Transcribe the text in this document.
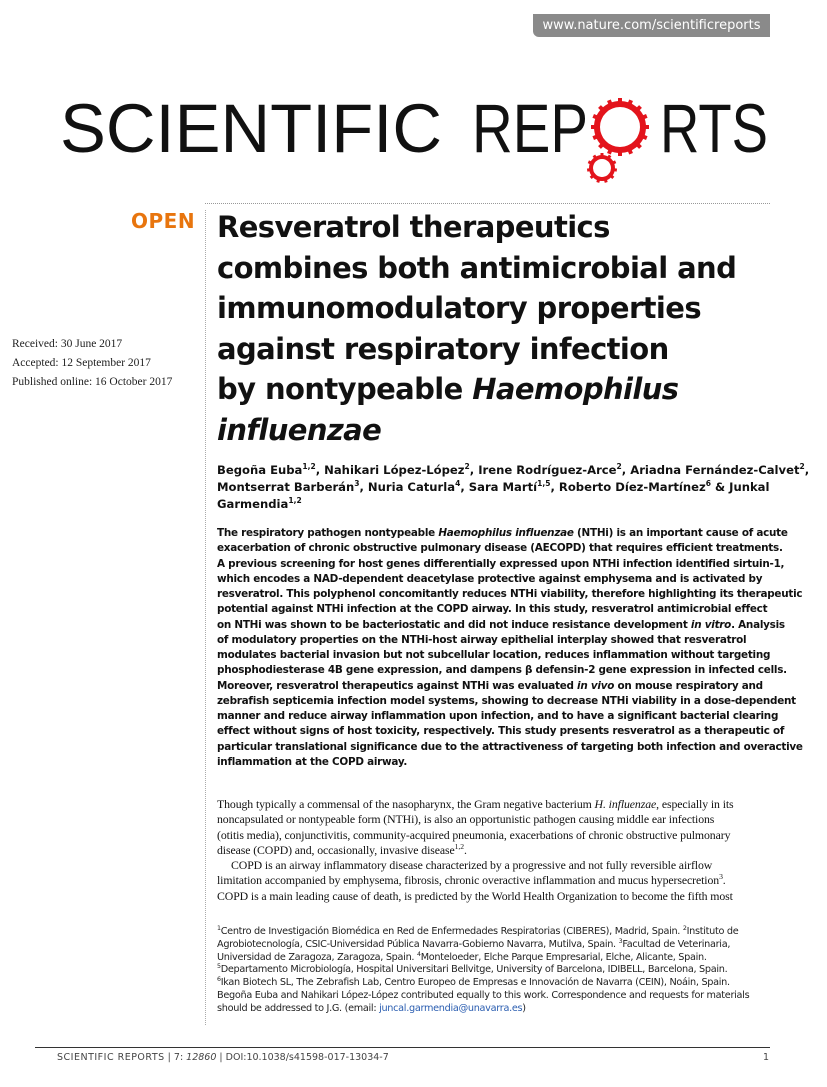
www.nature.com/scientificreports
SCIENTIFIC REP RTS
OPEN
Received: 30 June 2017
Accepted: 12 September 2017
Published online: 16 October 2017
Resveratrol therapeutics
combines both antimicrobial and
immunomodulatory properties
against respiratory infection
by nontypeable Haemophilus
influenzae
Begoña Euba$^{1,2}$, Nahikari López-López$^2$, Irene Rodríguez-Arce$^2$, Ariadna Fernández-Calvet$^2$,
Montserrat Barberán$^3$, Nuria Caturla$^4$, Sara Martí$^{1,5}$, Roberto Díez-Martínez$^6$ & Junkal
Garmendia$^{1,2}$
The respiratory pathogen nontypeable Haemophilus influenzae (NTHi) is an important cause of acute
exacerbation of chronic obstructive pulmonary disease (AECOPD) that requires efficient treatments.
A previous screening for host genes differentially expressed upon NTHi infection identified sirtuin-1,
which encodes a NAD-dependent deacetylase protective against emphysema and is activated by
resveratrol. This polyphenol concomitantly reduces NTHi viability, therefore highlighting its therapeutic
potential against NTHi infection at the COPD airway. In this study, resveratrol antimicrobial effect
on NTHi was shown to be bacteriostatic and did not induce resistance development in vitro. Analysis
of modulatory properties on the NTHi-host airway epithelial interplay showed that resveratrol
modulates bacterial invasion but not subcellular location, reduces inflammation without targeting
phosphodiesterase 4B gene expression, and dampens β defensin-2 gene expression in infected cells.
Moreover, resveratrol therapeutics against NTHi was evaluated in vivo on mouse respiratory and
zebrafish septicemia infection model systems, showing to decrease NTHi viability in a dose-dependent
manner and reduce airway inflammation upon infection, and to have a significant bacterial clearing
effect without signs of host toxicity, respectively. This study presents resveratrol as a therapeutic of
particular translational significance due to the attractiveness of targeting both infection and overactive
inflammation at the COPD airway.
Though typically a commensal of the nasopharynx, the Gram negative bacterium H. influenzae, especially in its
noncapsulated or nontypeable form (NTHi), is also an opportunistic pathogen causing middle ear infections
(otitis media), conjunctivitis, community-acquired pneumonia, exacerbations of chronic obstructive pulmonary
disease (COPD) and, occasionally, invasive disease$^{1,2}$.
COPD is an airway inflammatory disease characterized by a progressive and not fully reversible airflow
limitation accompanied by emphysema, fibrosis, chronic overactive inflammation and mucus hypersecretion$^3$.
COPD is a main leading cause of death, is predicted by the World Health Organization to become the fifth most
$^1$Centro de Investigación Biomédica en Red de Enfermedades Respiratorias (CIBERES), Madrid, Spain. $^2$Instituto de
Agrobiotecnología, CSIC-Universidad Pública Navarra-Gobierno Navarra, Mutilva, Spain. $^3$Facultad de Veterinaria,
Universidad de Zaragoza, Zaragoza, Spain. $^4$Monteloeder, Elche Parque Empresarial, Elche, Alicante, Spain.
$^5$Departamento Microbiología, Hospital Universitari Bellvitge, University of Barcelona, IDIBELL, Barcelona, Spain.
$^6$Ikan Biotech SL, The Zebrafish Lab, Centro Europeo de Empresas e Innovación de Navarra (CEIN), Noáin, Spain.
Begoña Euba and Nahikari López-López contributed equally to this work. Correspondence and requests for materials
should be addressed to J.G. (email: juncal.garmendia@unavarra.es)
SCIENTIFIC REPORTS | 7: 12860 | DOI:10.1038/s41598-017-13034-7	1
